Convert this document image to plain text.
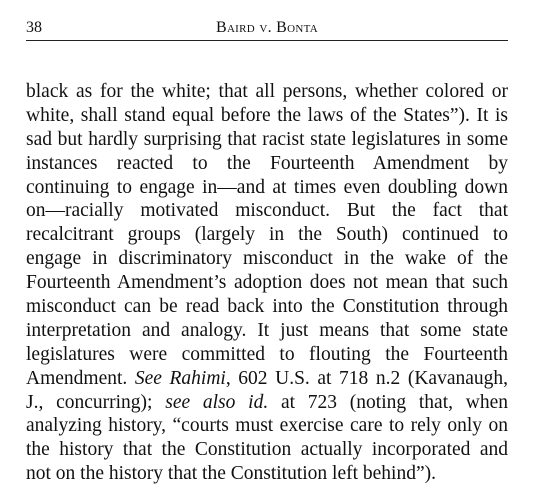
38	Baird v. Bonta
black as for the white; that all persons, whether colored or
white, shall stand equal before the laws of the States”). It is
sad but hardly surprising that racist state legislatures in some
instances reacted to the Fourteenth Amendment by
continuing to engage in—and at times even doubling down
on—racially motivated misconduct. But the fact that
recalcitrant groups (largely in the South) continued to
engage in discriminatory misconduct in the wake of the
Fourteenth Amendment’s adoption does not mean that such
misconduct can be read back into the Constitution through
interpretation and analogy. It just means that some state
legislatures were committed to flouting the Fourteenth
Amendment. See Rahimi, 602 U.S. at 718 n.2 (Kavanaugh,
J., concurring); see also id. at 723 (noting that, when
analyzing history, “courts must exercise care to rely only on
the history that the Constitution actually incorporated and
not on the history that the Constitution left behind”).
